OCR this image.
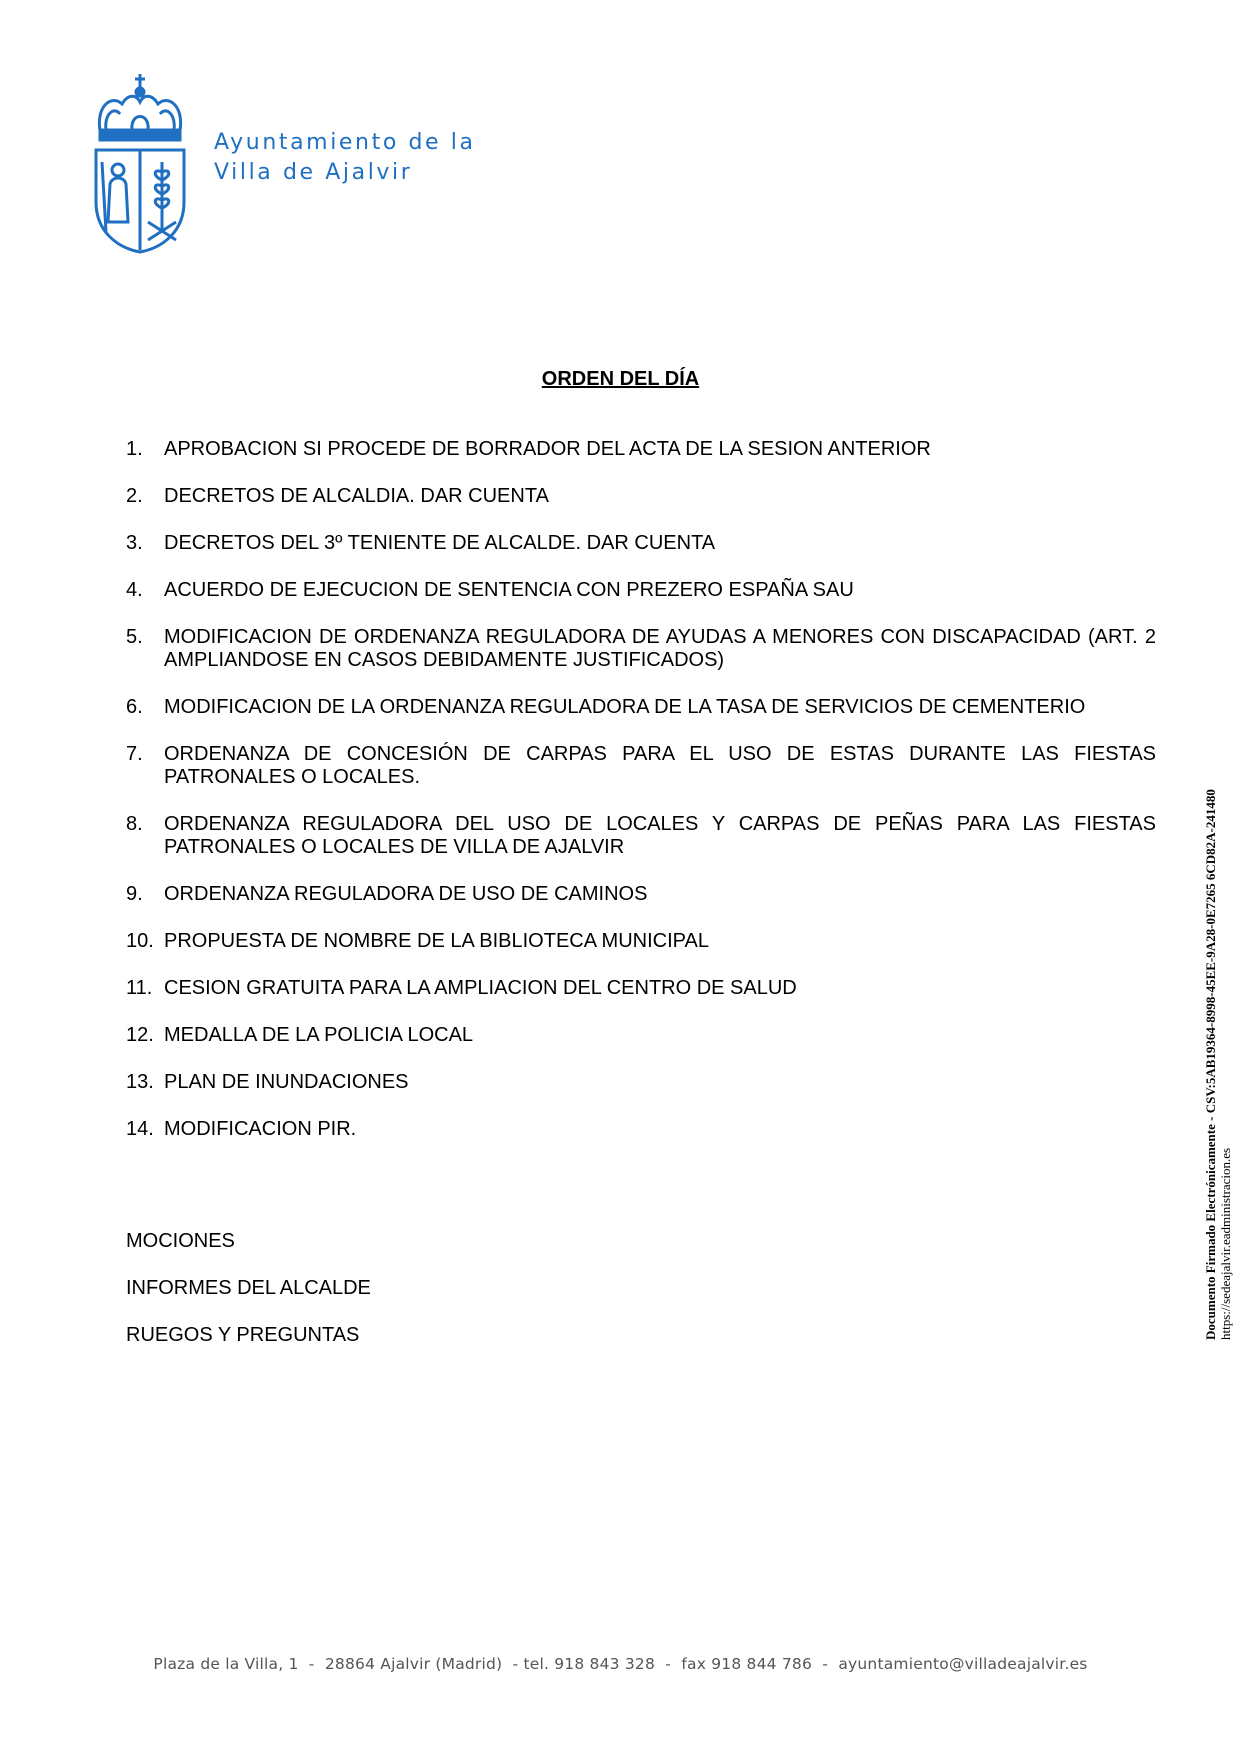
Ayuntamiento de la
Villa de Ajalvir
ORDEN DEL DÍA
1. APROBACION SI PROCEDE DE BORRADOR DEL ACTA DE LA SESION ANTERIOR
2. DECRETOS DE ALCALDIA. DAR CUENTA
3. DECRETOS DEL 3º TENIENTE DE ALCALDE. DAR CUENTA
4. ACUERDO DE EJECUCION DE SENTENCIA CON PREZERO ESPAÑA SAU
5. MODIFICACION DE ORDENANZA REGULADORA DE AYUDAS A MENORES CON DISCAPACIDAD (ART. 2 AMPLIANDOSE EN CASOS DEBIDAMENTE JUSTIFICADOS)
6. MODIFICACION DE LA ORDENANZA REGULADORA DE LA TASA DE SERVICIOS DE CEMENTERIO
7. ORDENANZA DE CONCESIÓN DE CARPAS PARA EL USO DE ESTAS DURANTE LAS FIESTAS PATRONALES O LOCALES.
8. ORDENANZA REGULADORA DEL USO DE LOCALES Y CARPAS DE PEÑAS PARA LAS FIESTAS PATRONALES O LOCALES DE VILLA DE AJALVIR
9. ORDENANZA REGULADORA DE USO DE CAMINOS
10. PROPUESTA DE NOMBRE DE LA BIBLIOTECA MUNICIPAL
11. CESION GRATUITA PARA LA AMPLIACION DEL CENTRO DE SALUD
12. MEDALLA DE LA POLICIA LOCAL
13. PLAN DE INUNDACIONES
14. MODIFICACION PIR.
MOCIONES
INFORMES DEL ALCALDE
RUEGOS Y PREGUNTAS	Documento Firmado Electrónicamente - CSV:5AB19364-8998-45EE-9A28-0E7265 6CD82A-241480 https://sedeajalvir.eadministracion.es
Plaza de la Villa, 1  -  28864 Ajalvir (Madrid)  - tel. 918 843 328  -  fax 918 844 786  -  ayuntamiento@villadeajalvir.es
